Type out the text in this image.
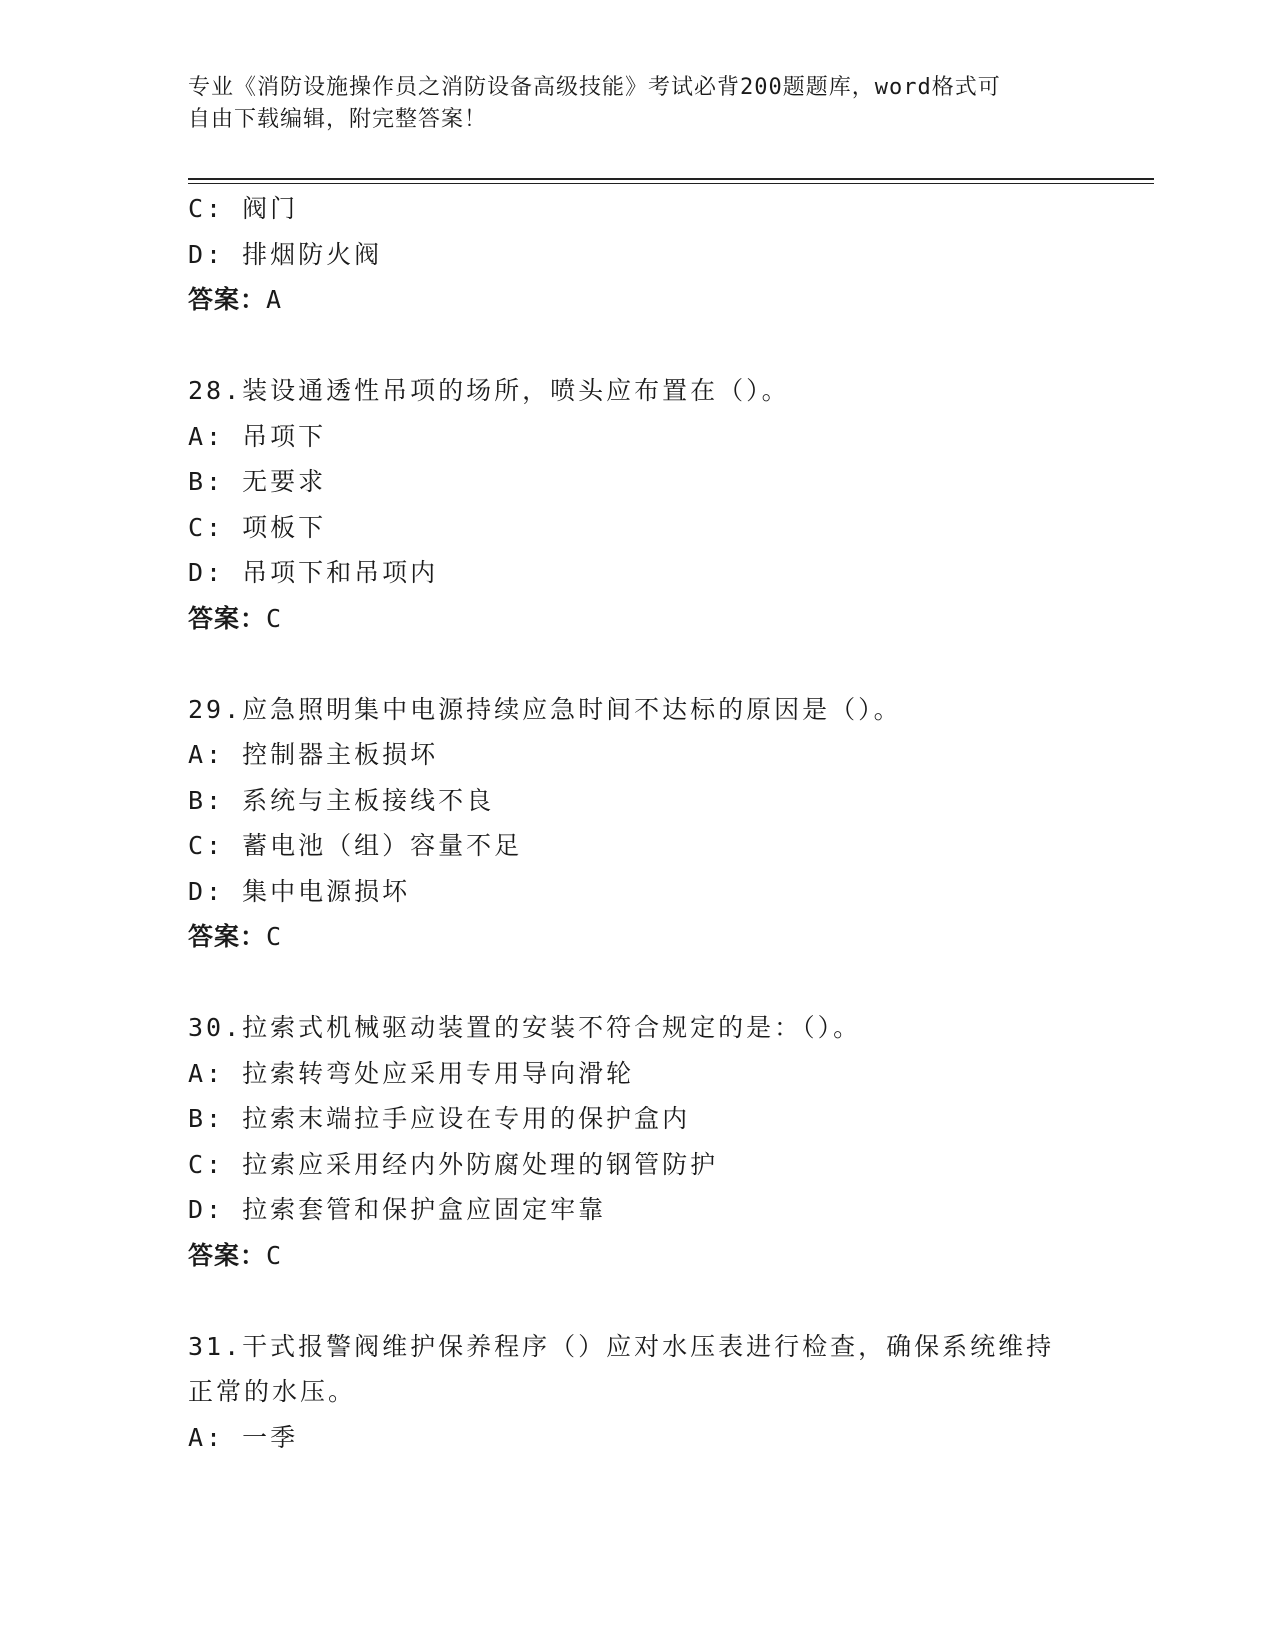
专业《消防设施操作员之消防设备高级技能》考试必背200题题库，word格式可
自由下载编辑，附完整答案！
C: 阀门
D: 排烟防火阀
答案：A
28.装设通透性吊项的场所，喷头应布置在（）。
A: 吊项下
B: 无要求
C: 项板下
D: 吊项下和吊项内
答案：C
29.应急照明集中电源持续应急时间不达标的原因是（）。
A: 控制器主板损坏
B: 系统与主板接线不良
C: 蓄电池（组）容量不足
D: 集中电源损坏
答案：C
30.拉索式机械驱动装置的安装不符合规定的是：（）。
A: 拉索转弯处应采用专用导向滑轮
B: 拉索末端拉手应设在专用的保护盒内
C: 拉索应采用经内外防腐处理的钢管防护
D: 拉索套管和保护盒应固定牢靠
答案：C
31.干式报警阀维护保养程序（）应对水压表进行检查，确保系统维持
正常的水压。
A: 一季
